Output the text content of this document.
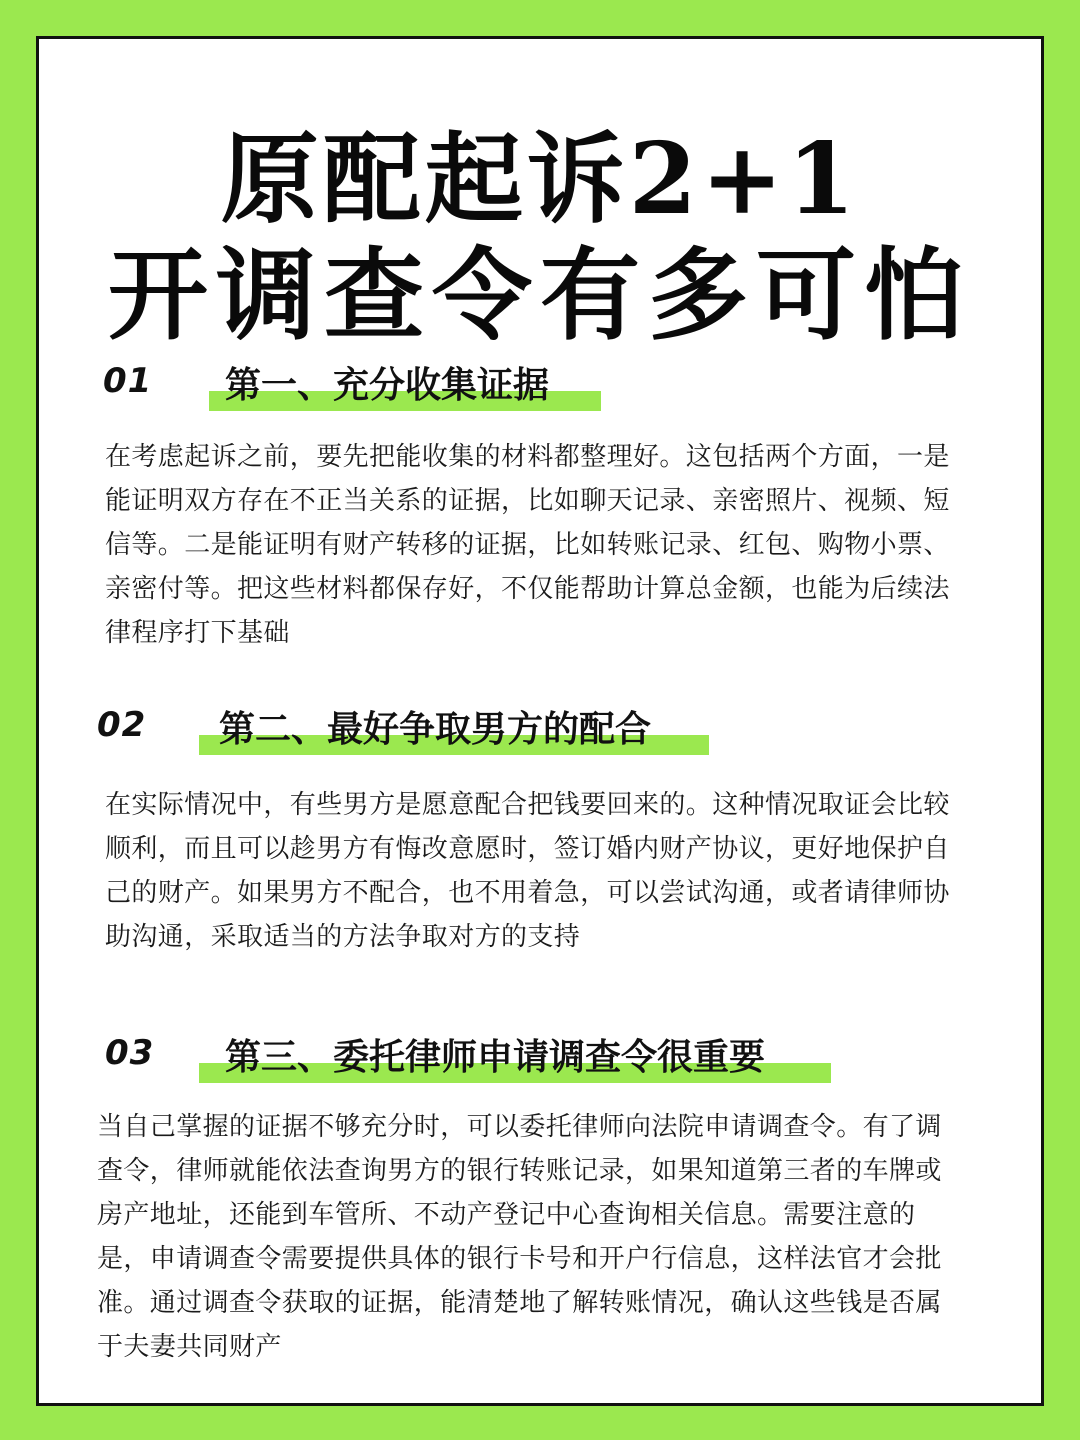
原配起诉2+1
开调查令有多可怕
01 第一、充分收集证据

在考虑起诉之前，要先把能收集的材料都整理好。这包括两个方面，一是

能证明双方存在不正当关系的证据，比如聊天记录、亲密照片、视频、短

信等。二是能证明有财产转移的证据，比如转账记录、红包、购物小票、

亲密付等。把这些材料都保存好，不仅能帮助计算总金额，也能为后续法

律程序打下基础

02 第二、最好争取男方的配合

在实际情况中，有些男方是愿意配合把钱要回来的。这种情况取证会比较

顺利，而且可以趁男方有悔改意愿时，签订婚内财产协议，更好地保护自

己的财产。如果男方不配合，也不用着急，可以尝试沟通，或者请律师协

助沟通，采取适当的方法争取对方的支持

03 第三、委托律师申请调查令很重要

当自己掌握的证据不够充分时，可以委托律师向法院申请调查令。有了调

查令，律师就能依法查询男方的银行转账记录，如果知道第三者的车牌或

房产地址，还能到车管所、不动产登记中心查询相关信息。需要注意的

是，申请调查令需要提供具体的银行卡号和开户行信息，这样法官才会批

准。通过调查令获取的证据，能清楚地了解转账情况，确认这些钱是否属

于夫妻共同财产
